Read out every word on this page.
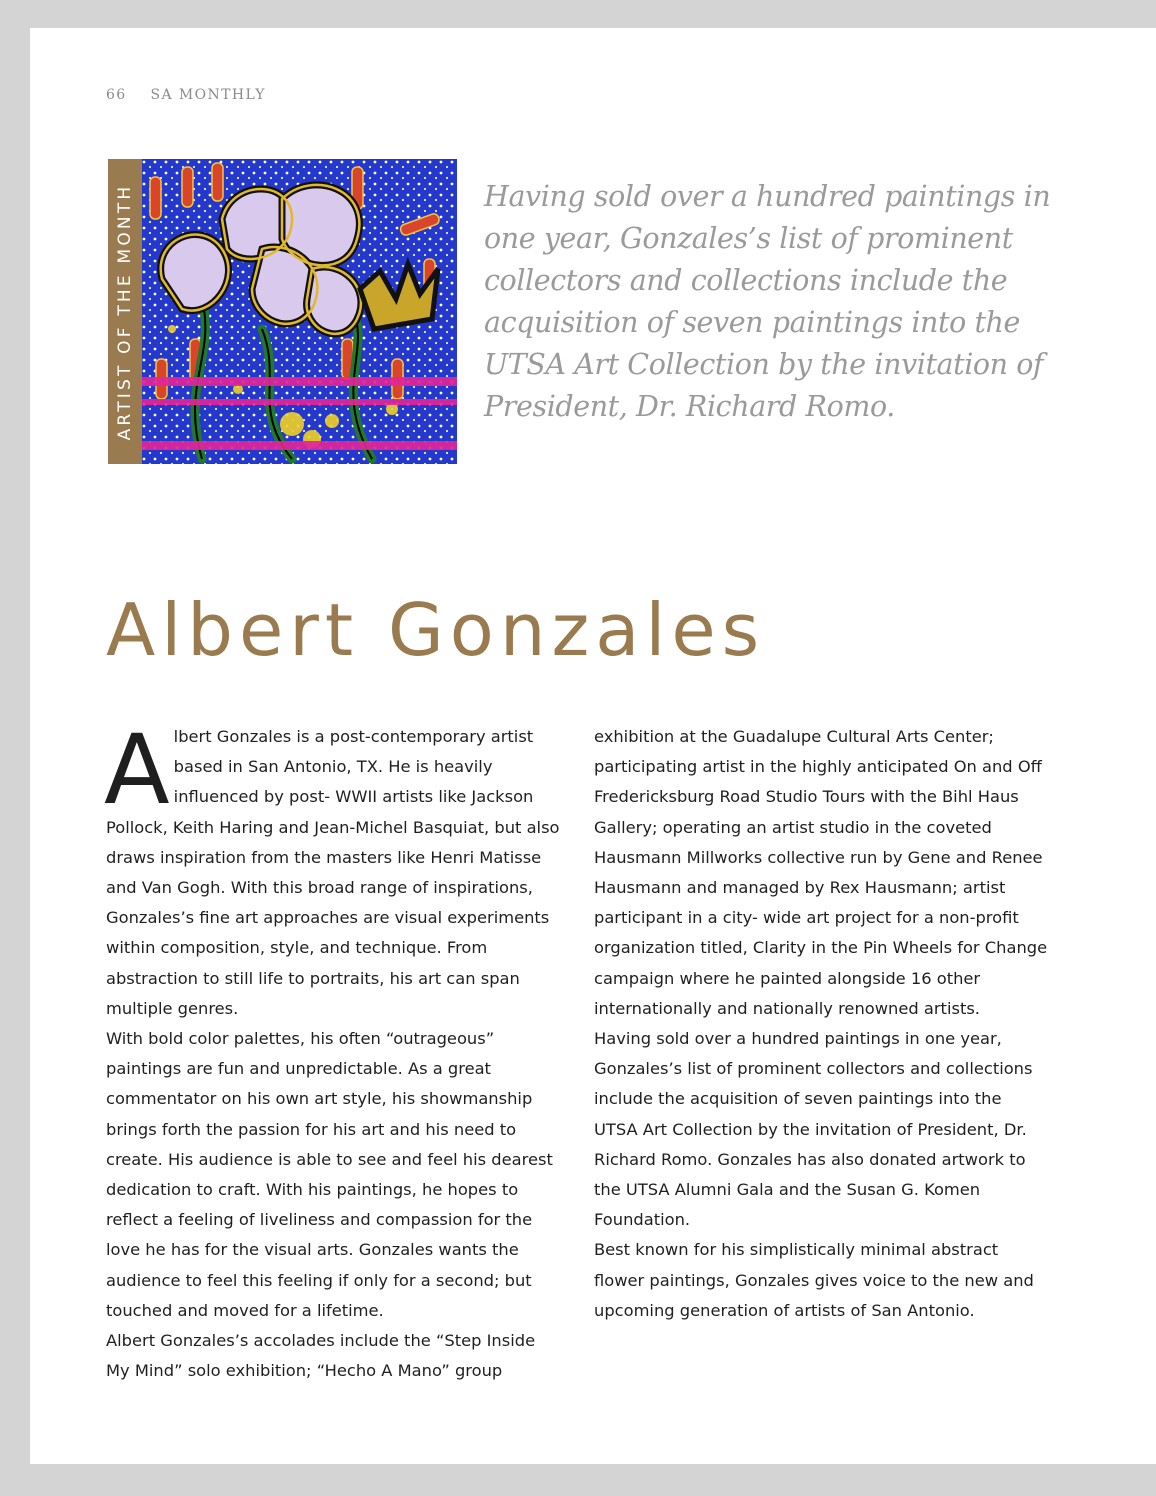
66 SA MONTHLY
ARTIST OF THE MONTH	Having sold over a hundred paintings in one year, Gonzales’s list of prominent collectors and collections include the acquisition of seven paintings into the UTSA Art Collection by the invitation of President, Dr. Richard Romo.

Albert Gonzales

Albert Gonzales is a post-contemporary artist based in San Antonio, TX. He is heavily influenced by post- WWII artists like Jackson Pollock, Keith Haring and Jean-Michel Basquiat, but also draws inspiration from the masters like Henri Matisse and Van Gogh. With this broad range of inspirations, Gonzales’s fine art approaches are visual experiments within composition, style, and technique. From abstraction to still life to portraits, his art can span multiple genres.

With bold color palettes, his often “outrageous” paintings are fun and unpredictable. As a great commentator on his own art style, his showmanship brings forth the passion for his art and his need to create. His audience is able to see and feel his dearest dedication to craft. With his paintings, he hopes to reflect a feeling of liveliness and compassion for the love he has for the visual arts. Gonzales wants the audience to feel this feeling if only for a second; but touched and moved for a lifetime.

Albert Gonzales’s accolades include the “Step Inside My Mind” solo exhibition; “Hecho A Mano” group

exhibition at the Guadalupe Cultural Arts Center; participating artist in the highly anticipated On and Off Fredericksburg Road Studio Tours with the Bihl Haus Gallery; operating an artist studio in the coveted Hausmann Millworks collective run by Gene and Renee Hausmann and managed by Rex Hausmann; artist participant in a city- wide art project for a non-profit organization titled, Clarity in the Pin Wheels for Change campaign where he painted alongside 16 other internationally and nationally renowned artists.

Having sold over a hundred paintings in one year, Gonzales’s list of prominent collectors and collections include the acquisition of seven paintings into the UTSA Art Collection by the invitation of President, Dr. Richard Romo. Gonzales has also donated artwork to the UTSA Alumni Gala and the Susan G. Komen Foundation.

Best known for his simplistically minimal abstract flower paintings, Gonzales gives voice to the new and upcoming generation of artists of San Antonio.
